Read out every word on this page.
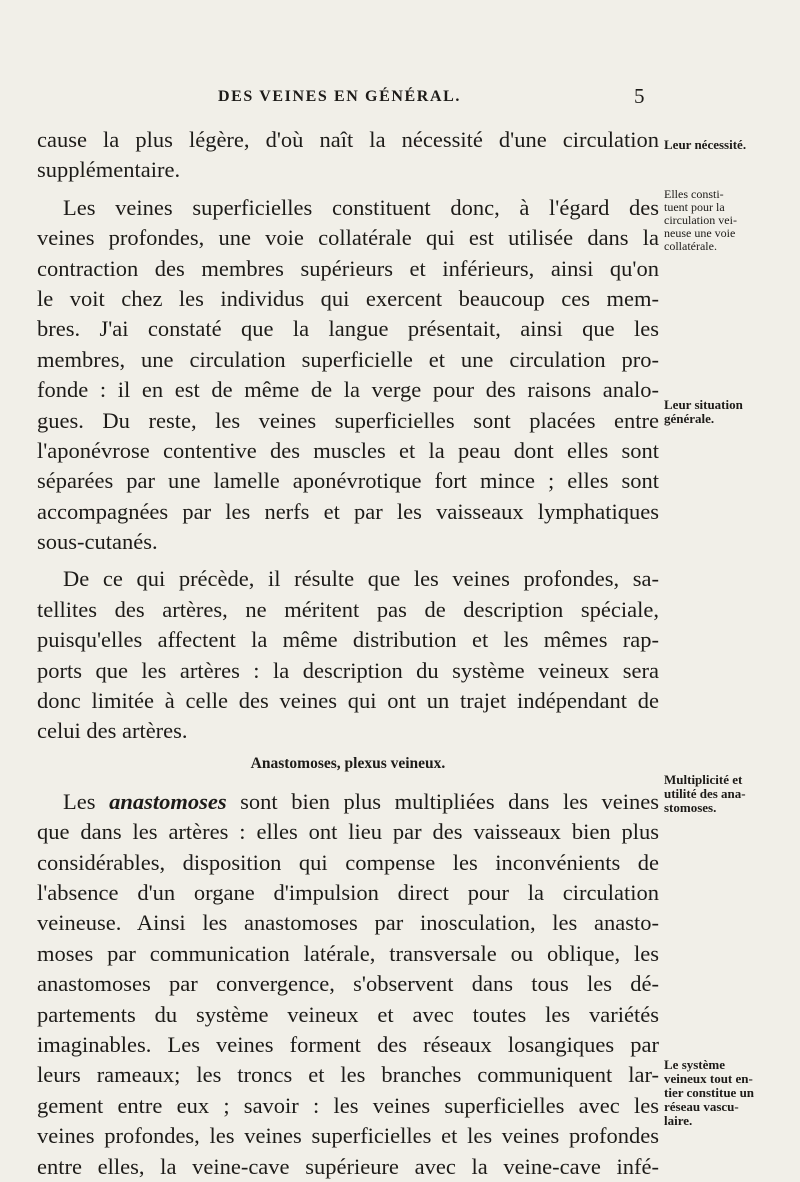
DES VEINES EN GÉNÉRAL.	5
cause la plus légère, d'où naît la nécessité d'une circulation
supplémentaire.
Les veines superficielles constituent donc, à l'égard des
veines profondes, une voie collatérale qui est utilisée dans la
contraction des membres supérieurs et inférieurs, ainsi qu'on
le voit chez les individus qui exercent beaucoup ces mem-
bres. J'ai constaté que la langue présentait, ainsi que les
membres, une circulation superficielle et une circulation pro-
fonde : il en est de même de la verge pour des raisons analo-
gues. Du reste, les veines superficielles sont placées entre
l'aponévrose contentive des muscles et la peau dont elles sont
séparées par une lamelle aponévrotique fort mince ; elles sont
accompagnées par les nerfs et par les vaisseaux lymphatiques
sous-cutanés.
De ce qui précède, il résulte que les veines profondes, sa-
tellites des artères, ne méritent pas de description spéciale,
puisqu'elles affectent la même distribution et les mêmes rap-
ports que les artères : la description du système veineux sera
donc limitée à celle des veines qui ont un trajet indépendant de
celui des artères.
Anastomoses, plexus veineux.
Les anastomoses sont bien plus multipliées dans les veines
que dans les artères : elles ont lieu par des vaisseaux bien plus
considérables, disposition qui compense les inconvénients de
l'absence d'un organe d'impulsion direct pour la circulation
veineuse. Ainsi les anastomoses par inosculation, les anasto-
moses par communication latérale, transversale ou oblique, les
anastomoses par convergence, s'observent dans tous les dé-
partements du système veineux et avec toutes les variétés
imaginables. Les veines forment des réseaux losangiques par
leurs rameaux; les troncs et les branches communiquent lar-
gement entre eux ; savoir : les veines superficielles avec les
veines profondes, les veines superficielles et les veines profondes
entre elles, la veine-cave supérieure avec la veine-cave infé-
Leur nécessité.
Elles consti-
tuent pour la
circulation vei-
neuse une voie
collatérale.
Leur situation
générale.
Multiplicité et
utilité des ana-
stomoses.
Le système
veineux tout en-
tier constitue un
réseau vascu-
laire.
